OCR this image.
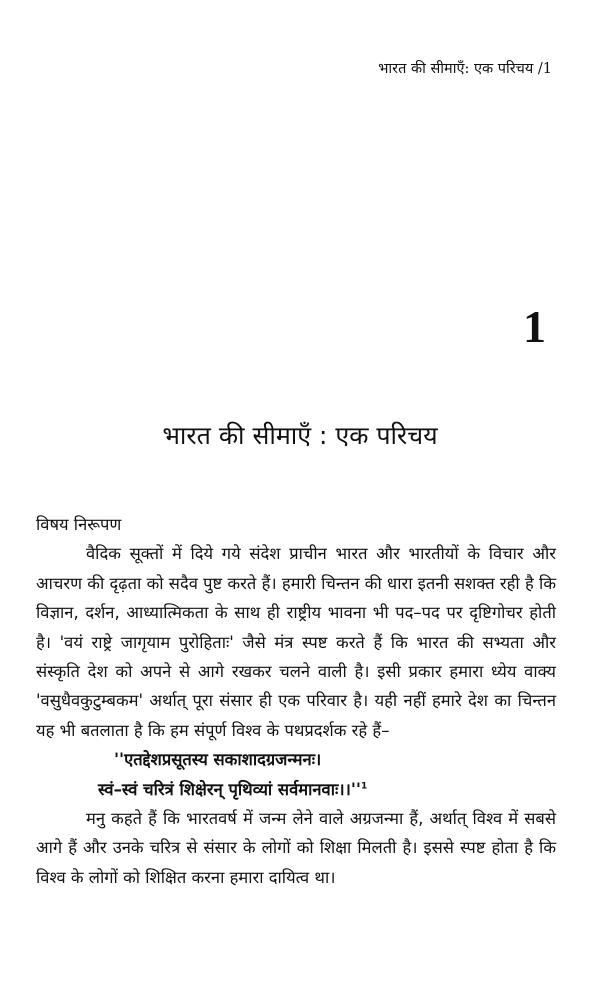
भारत की सीमाएँ: एक परिचय /1
1
भारत की सीमाएँ : एक परिचय
विषय निरूपण

वैदिक सूक्तों में दिये गये संदेश प्राचीन भारत और भारतीयों के विचार और आचरण की दृढ़ता को सदैव पुष्ट करते हैं। हमारी चिन्तन की धारा इतनी सशक्त रही है कि विज्ञान, दर्शन, आध्यात्मिकता के साथ ही राष्ट्रीय भावना भी पद–पद पर दृष्टिगोचर होती है। 'वयं राष्ट्रे जागृयाम पुरोहिताः' जैसे मंत्र स्पष्ट करते हैं कि भारत की सभ्यता और संस्कृति देश को अपने से आगे रखकर चलने वाली है। इसी प्रकार हमारा ध्येय वाक्य 'वसुधैवकुटुम्बकम' अर्थात् पूरा संसार ही एक परिवार है। यही नहीं हमारे देश का चिन्तन यह भी बतलाता है कि हम संपूर्ण विश्व के पथप्रदर्शक रहे हैं–

''एतद्देशप्रसूतस्य सकाशादग्रजन्मनः।

स्वं–स्वं चरित्रं शिक्षेरन् पृथिव्यां $सर्वमानवाः।।''^1$

मनु कहते हैं कि भारतवर्ष में जन्म लेने वाले अग्रजन्मा हैं, अर्थात् विश्व में सबसे आगे हैं और उनके चरित्र से संसार के लोगों को शिक्षा मिलती है। इससे स्पष्ट होता है कि विश्व के लोगों को शिक्षित करना हमारा दायित्व था।
